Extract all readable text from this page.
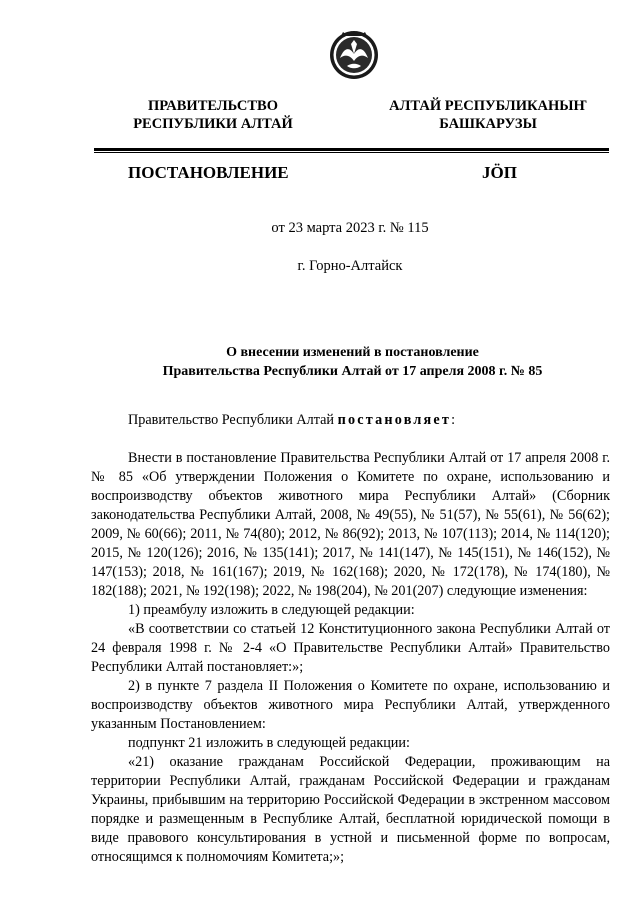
ПРАВИТЕЛЬСТВО
РЕСПУБЛИКИ АЛТАЙ
АЛТАЙ РЕСПУБЛИКАНЫҤ
БАШКАРУЗЫ
ПОСТАНОВЛЕНИЕ	JӦП
от 23 марта 2023 г. № 115
г. Горно-Алтайск
О внесении изменений в постановление
Правительства Республики Алтай от 17 апреля 2008 г. № 85

Правительство Республики Алтай постановляет:

Внести в постановление Правительства Республики Алтай от 17 апреля 2008 г. № 85 «Об утверждении Положения о Комитете по охране, использованию и воспроизводству объектов животного мира Республики Алтай» (Сборник законодательства Республики Алтай, 2008, № 49(55), № 51(57), № 55(61), № 56(62); 2009, № 60(66); 2011, № 74(80); 2012, № 86(92); 2013, № 107(113); 2014, № 114(120); 2015, № 120(126); 2016, № 135(141); 2017, № 141(147), № 145(151), № 146(152), № 147(153); 2018, № 161(167); 2019, № 162(168); 2020, № 172(178), № 174(180), № 182(188); 2021, № 192(198); 2022, № 198(204), № 201(207) следующие изменения:

1) преамбулу изложить в следующей редакции:

«В соответствии со статьей 12 Конституционного закона Республики Алтай от 24 февраля 1998 г. № 2-4 «О Правительстве Республики Алтай» Правительство Республики Алтай постановляет:»;

2) в пункте 7 раздела II Положения о Комитете по охране, использованию и воспроизводству объектов животного мира Республики Алтай, утвержденного указанным Постановлением:

подпункт 21 изложить в следующей редакции:

«21) оказание гражданам Российской Федерации, проживающим на территории Республики Алтай, гражданам Российской Федерации и гражданам Украины, прибывшим на территорию Российской Федерации в экстренном массовом порядке и размещенным в Республике Алтай, бесплатной юридической помощи в виде правового консультирования в устной и письменной форме по вопросам, относящимся к полномочиям Комитета;»;
